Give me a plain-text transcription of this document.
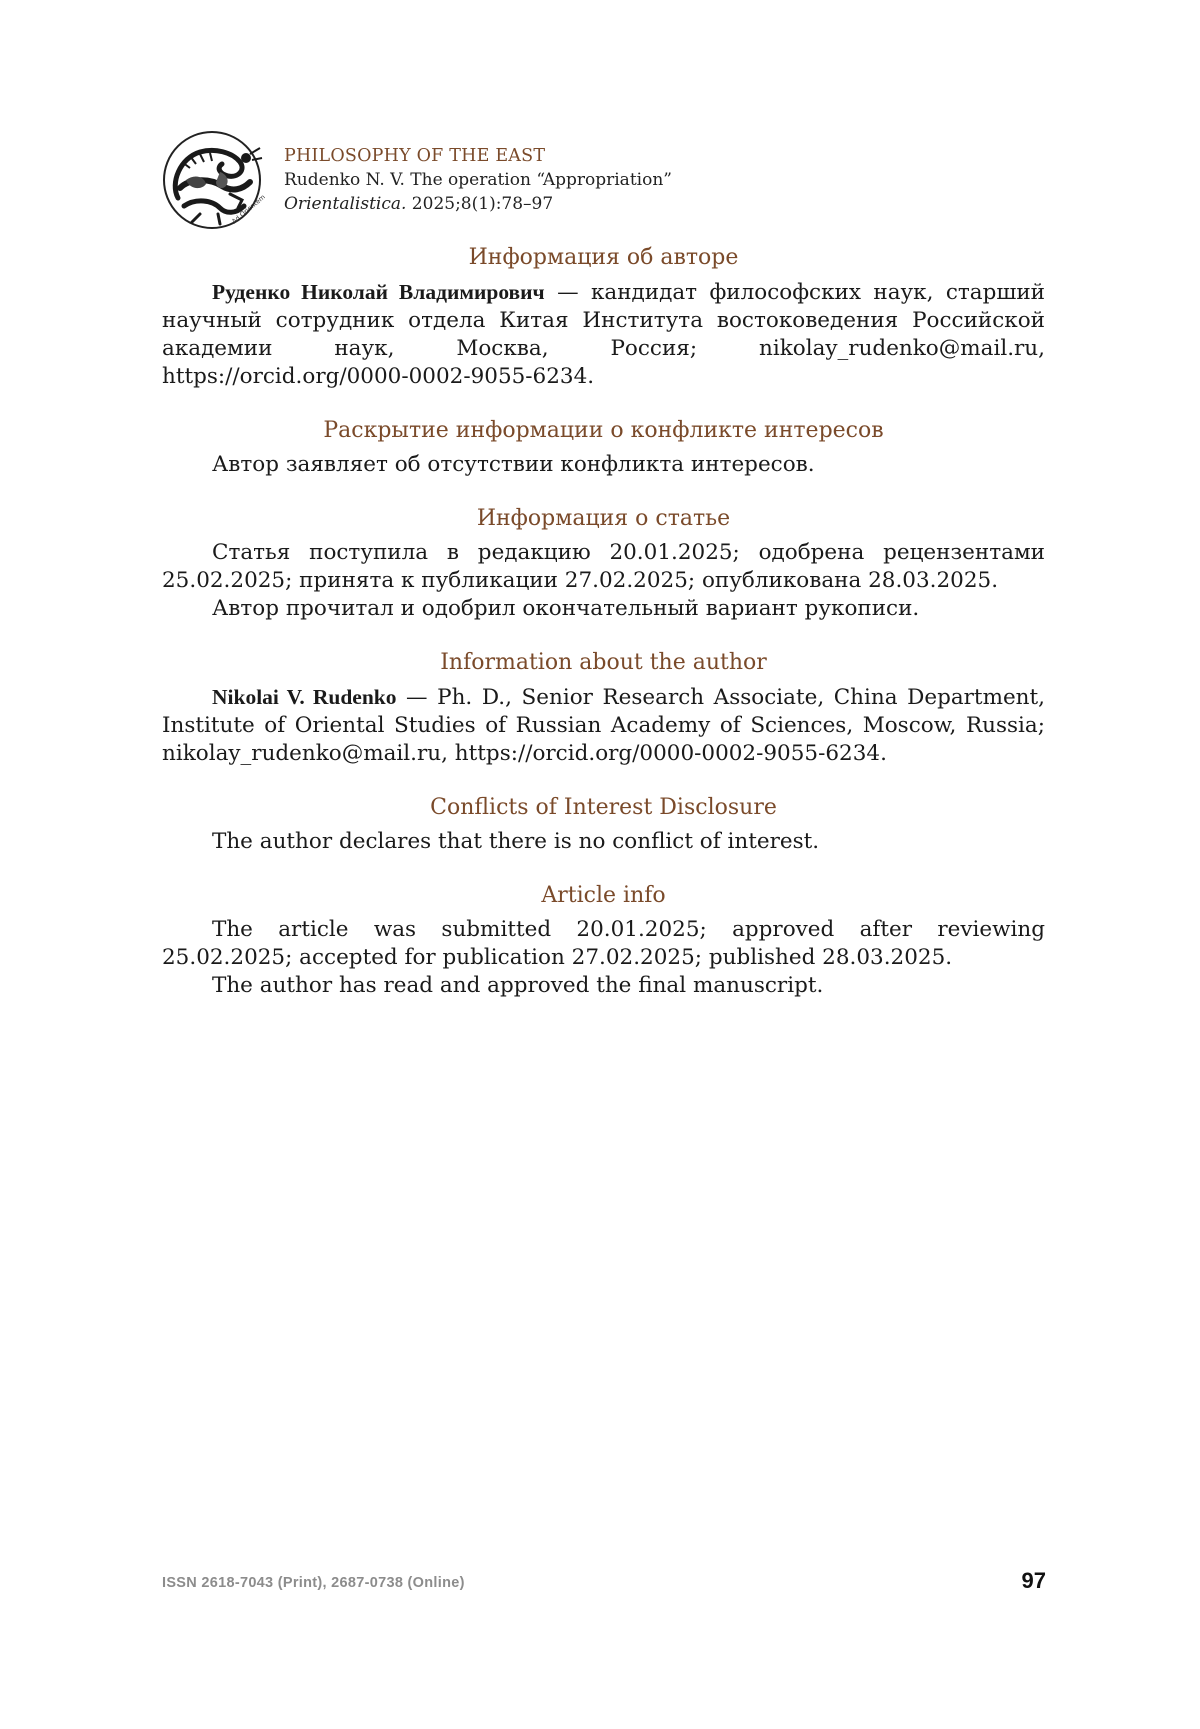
Ad Orientem
PHILOSOPHY OF THE EAST
Rudenko N. V. The operation “Appropriation”
Orientalistica. 2025;8(1):78–97
Информация об авторе

Руденко Николай Владимирович — кандидат философских наук, старший научный сотрудник отдела Китая Института востоковедения Российской академии наук, Москва, Россия; nikolay_rudenko@mail.ru, https://orcid.org/0000-0002-9055-6234.

Раскрытие информации о конфликте интересов

Автор заявляет об отсутствии конфликта интересов.

Информация о статье

Статья поступила в редакцию 20.01.2025; одобрена рецензентами 25.02.2025; принята к публикации 27.02.2025; опубликована 28.03.2025.

Автор прочитал и одобрил окончательный вариант рукописи.

Information about the author

Nikolai V. Rudenko — Ph. D., Senior Research Associate, China Department, Institute of Oriental Studies of Russian Academy of Sciences, Moscow, Russia; nikolay_rudenko@mail.ru, https://orcid.org/0000-0002-9055-6234.

Conflicts of Interest Disclosure

The author declares that there is no conflict of interest.

Article info

The article was submitted 20.01.2025; approved after reviewing 25.02.2025; accepted for publication 27.02.2025; published 28.03.2025.

The author has read and approved the final manuscript.

ISSN 2618-7043 (Print), 2687-0738 (Online)	97
